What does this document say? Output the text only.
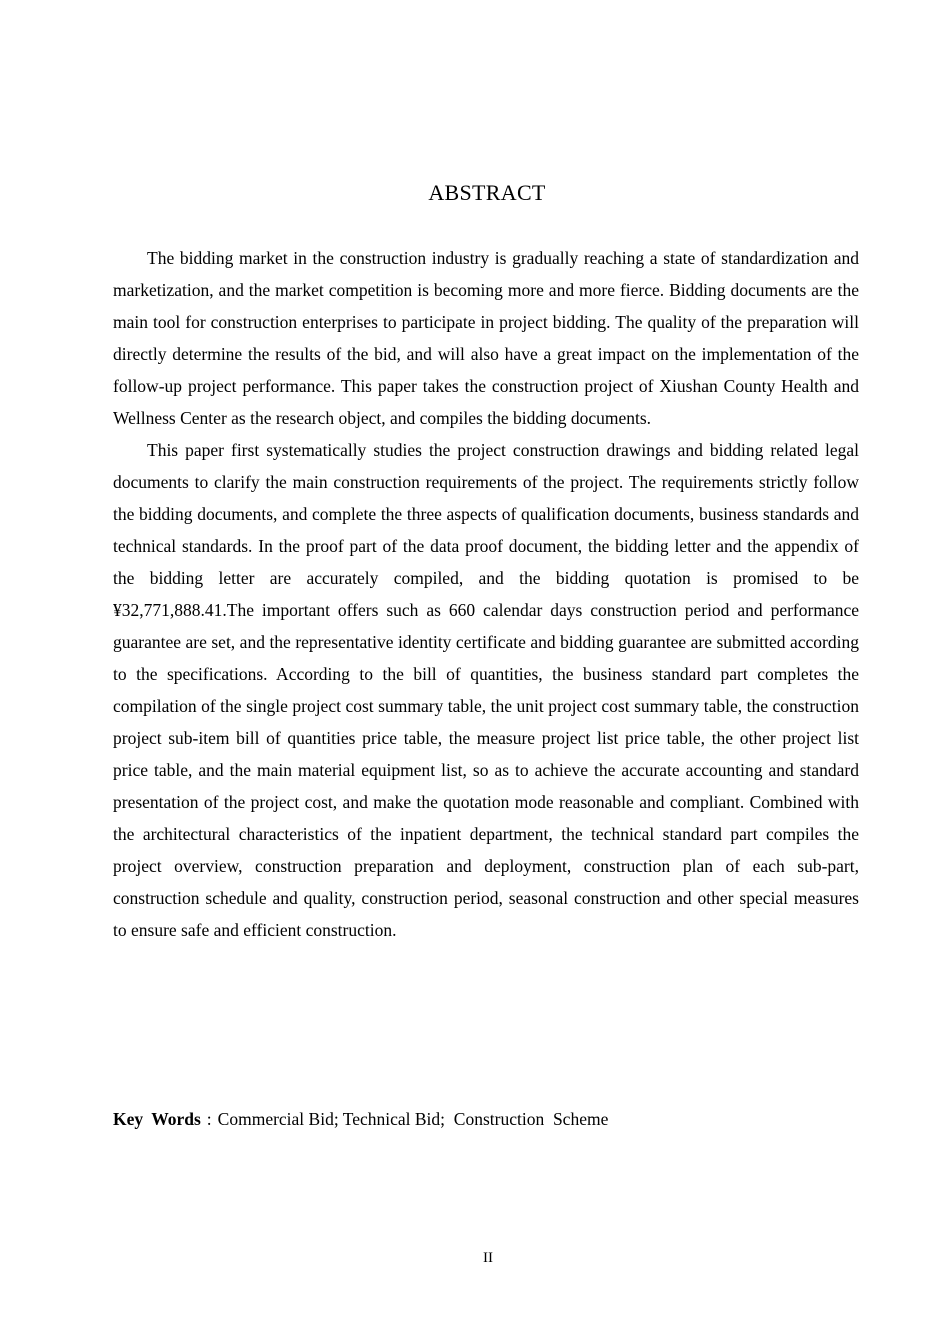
ABSTRACT

The bidding market in the construction industry is gradually reaching a state of standardization and marketization, and the market competition is becoming more and more fierce. Bidding documents are the main tool for construction enterprises to participate in project bidding. The quality of the preparation will directly determine the results of the bid, and will also have a great impact on the implementation of the follow-up project performance. This paper takes the construction project of Xiushan County Health and Wellness Center as the research object, and compiles the bidding documents.

This paper first systematically studies the project construction drawings and bidding related legal documents to clarify the main construction requirements of the project. The requirements strictly follow the bidding documents, and complete the three aspects of qualification documents, business standards and technical standards. In the proof part of the data proof document, the bidding letter and the appendix of the bidding letter are accurately compiled, and the bidding quotation is promised to be ¥32,771,888.41.The important offers such as 660 calendar days construction period and performance guarantee are set, and the representative identity certificate and bidding guarantee are submitted according to the specifications. According to the bill of quantities, the business standard part completes the compilation of the single project cost summary table, the unit project cost summary table, the construction project sub-item bill of quantities price table, the measure project list price table, the other project list price table, and the main material equipment list, so as to achieve the accurate accounting and standard presentation of the project cost, and make the quotation mode reasonable and compliant. Combined with the architectural characteristics of the inpatient department, the technical standard part compiles the project overview, construction preparation and deployment, construction plan of each sub-part, construction schedule and quality, construction period, seasonal construction and other special measures to ensure safe and efficient construction.

Key Words : Commercial Bid; Technical Bid;  Construction  Scheme
II
